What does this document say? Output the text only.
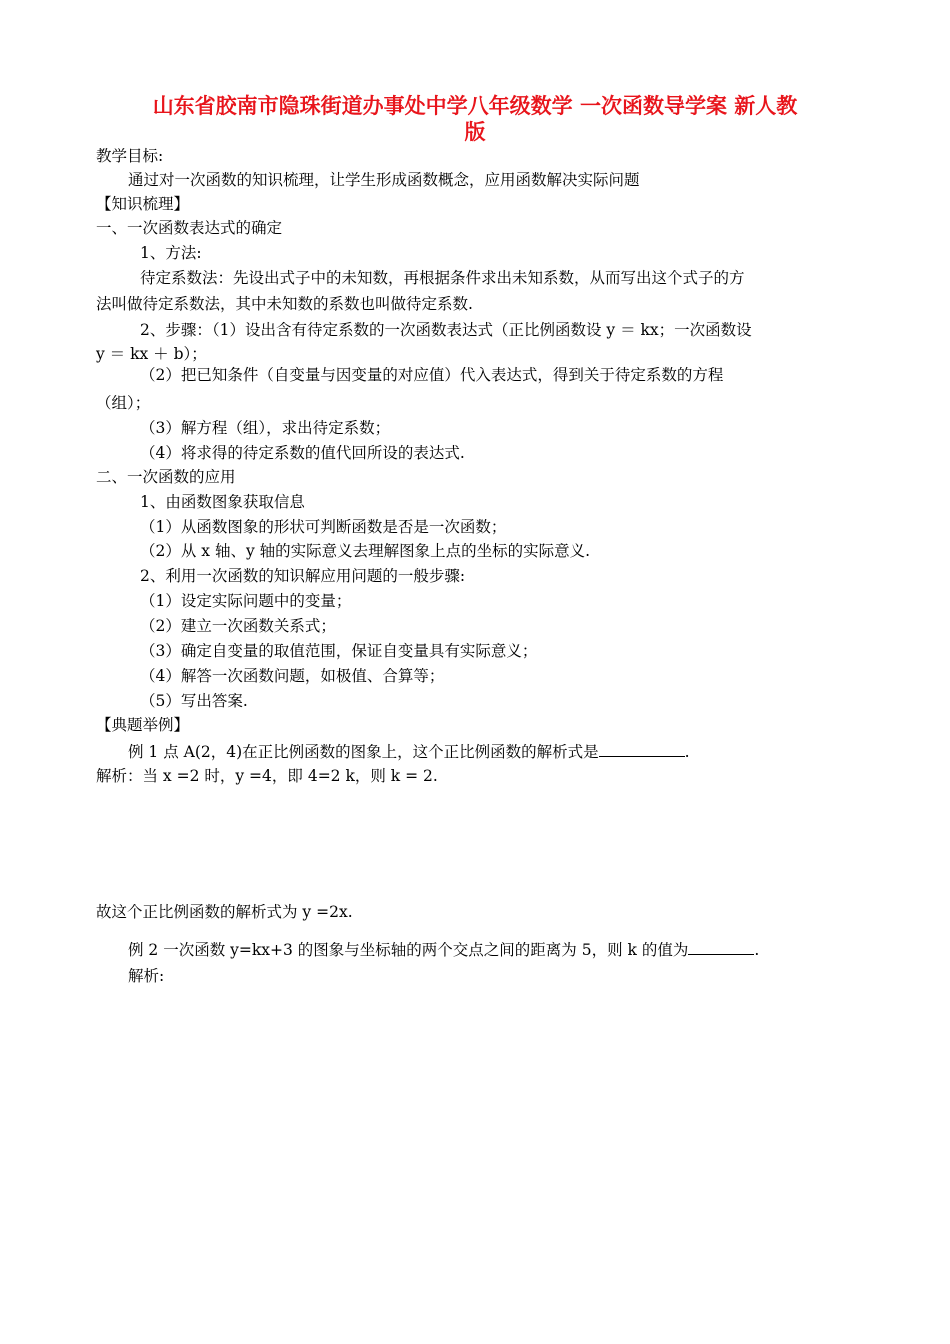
山东省胶南市隐珠街道办事处中学八年级数学 一次函数导学案 新人教
版
教学目标:
通过对一次函数的知识梳理，让学生形成函数概念，应用函数解决实际问题
【知识梳理】
一、一次函数表达式的确定
1、方法:
待定系数法：先设出式子中的未知数，再根据条件求出未知系数，从而写出这个式子的方
法叫做待定系数法，其中未知数的系数也叫做待定系数.
2、步骤：（1）设出含有待定系数的一次函数表达式（正比例函数设 y ＝ kx；一次函数设
y ＝ kx ＋ b）；
（2）把已知条件（自变量与因变量的对应值）代入表达式，得到关于待定系数的方程
（组）；
（3）解方程（组），求出待定系数；
（4）将求得的待定系数的值代回所设的表达式.
二、一次函数的应用
1、由函数图象获取信息
（1）从函数图象的形状可判断函数是否是一次函数；
（2）从 x 轴、y 轴的实际意义去理解图象上点的坐标的实际意义.
2、利用一次函数的知识解应用问题的一般步骤:
（1）设定实际问题中的变量；
（2）建立一次函数关系式；
（3）确定自变量的取值范围，保证自变量具有实际意义；
（4）解答一次函数问题，如极值、合算等；
（5）写出答案.
【典题举例】
例 1 点 A(2，4)在正比例函数的图象上，这个正比例函数的解析式是	.
解析：当 x =2 时，y =4，即 4=2 k，则 k = 2.
故这个正比例函数的解析式为 y =2x.
例 2 一次函数 y=kx+3 的图象与坐标轴的两个交点之间的距离为 5，则 k 的值为	.
解析:
